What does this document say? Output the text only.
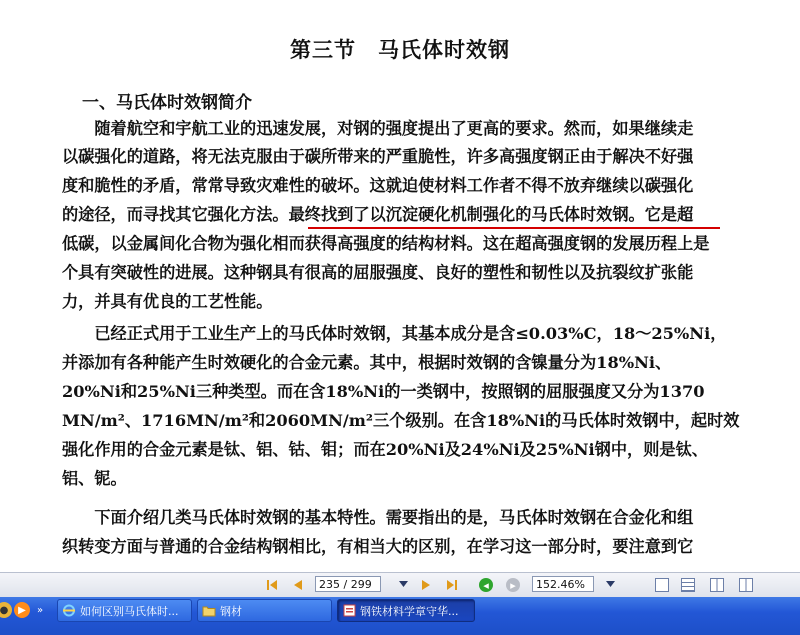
第三节　马氏体时效钢
一、马氏体时效钢简介
　　随着航空和宇航工业的迅速发展，对钢的强度提出了更高的要求。然而，如果继续走
以碳强化的道路，将无法克服由于碳所带来的严重脆性，许多高强度钢正由于解决不好强
度和脆性的矛盾，常常导致灾难性的破坏。这就迫使材料工作者不得不放弃继续以碳强化
的途径，而寻找其它强化方法。最终找到了以沉淀硬化机制强化的马氏体时效钢。它是超
低碳，以金属间化合物为强化相而获得高强度的结构材料。这在超高强度钢的发展历程上是
个具有突破性的进展。这种钢具有很高的屈服强度、良好的塑性和韧性以及抗裂纹扩张能
力，并具有优良的工艺性能。
　　已经正式用于工业生产上的马氏体时效钢，其基本成分是含≤0.03%C，18～25%Ni，
并添加有各种能产生时效硬化的合金元素。其中，根据时效钢的含镍量分为18%Ni、
20%Ni和25%Ni三种类型。而在含18%Ni的一类钢中，按照钢的屈服强度又分为1370
MN/m²、1716MN/m²和2060MN/m²三个级别。在含18%Ni的马氏体时效钢中，起时效
强化作用的合金元素是钛、铝、钴、钼；而在20%Ni及24%Ni及25%Ni钢中，则是钛、
铝、铌。
　　下面介绍几类马氏体时效钢的基本特性。需要指出的是，马氏体时效钢在合金化和组
织转变方面与普通的合金结构钢相比，有相当大的区别，在学习这一部分时，要注意到它
235 / 299	◂	▸	152.46%
● ▶	»	如何区别马氏体时...	钢材	钢铁材料学章守华...
